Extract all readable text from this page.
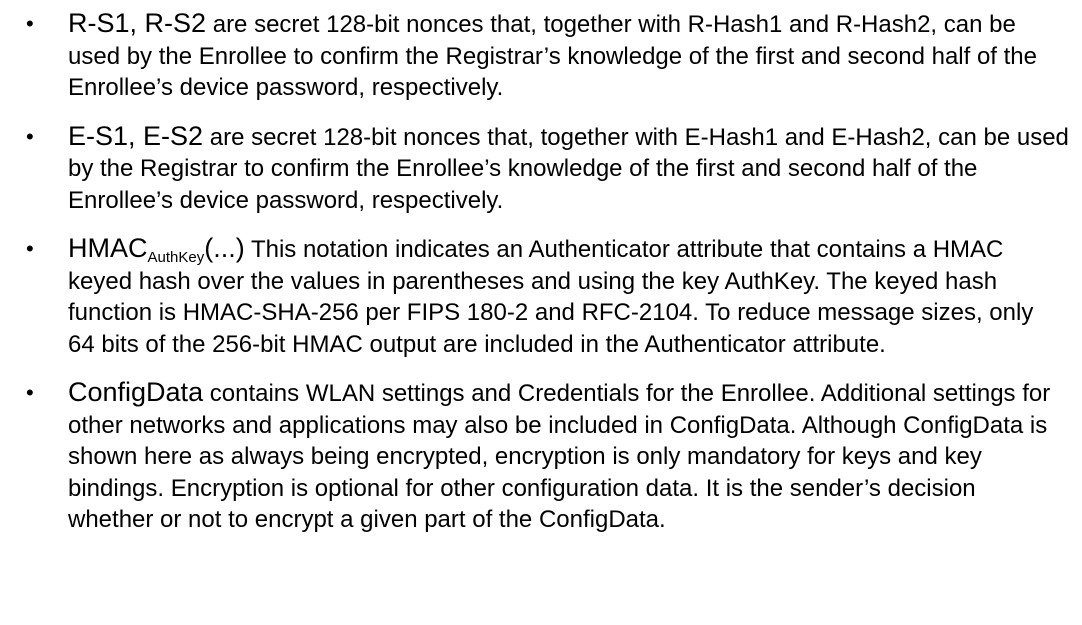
• R-S1, R-S2 are secret 128-bit nonces that, together with R-Hash1 and R-Hash2, can be used by the Enrollee to confirm the Registrar’s knowledge of the first and second half of the Enrollee’s device password, respectively.
• E-S1, E-S2 are secret 128-bit nonces that, together with E-Hash1 and E-Hash2, can be used by the Registrar to confirm the Enrollee’s knowledge of the first and second half of the Enrollee’s device password, respectively.
• $HMAC_{AuthKey}(...)$ This notation indicates an Authenticator attribute that contains a HMAC keyed hash over the values in parentheses and using the key AuthKey. The keyed hash function is HMAC-SHA-256 per FIPS 180-2 and RFC-2104. To reduce message sizes, only 64 bits of the 256-bit HMAC output are included in the Authenticator attribute.
• ConfigData contains WLAN settings and Credentials for the Enrollee. Additional settings for other networks and applications may also be included in ConfigData. Although ConfigData is shown here as always being encrypted, encryption is only mandatory for keys and key bindings. Encryption is optional for other configuration data. It is the sender’s decision whether or not to encrypt a given part of the ConfigData.
